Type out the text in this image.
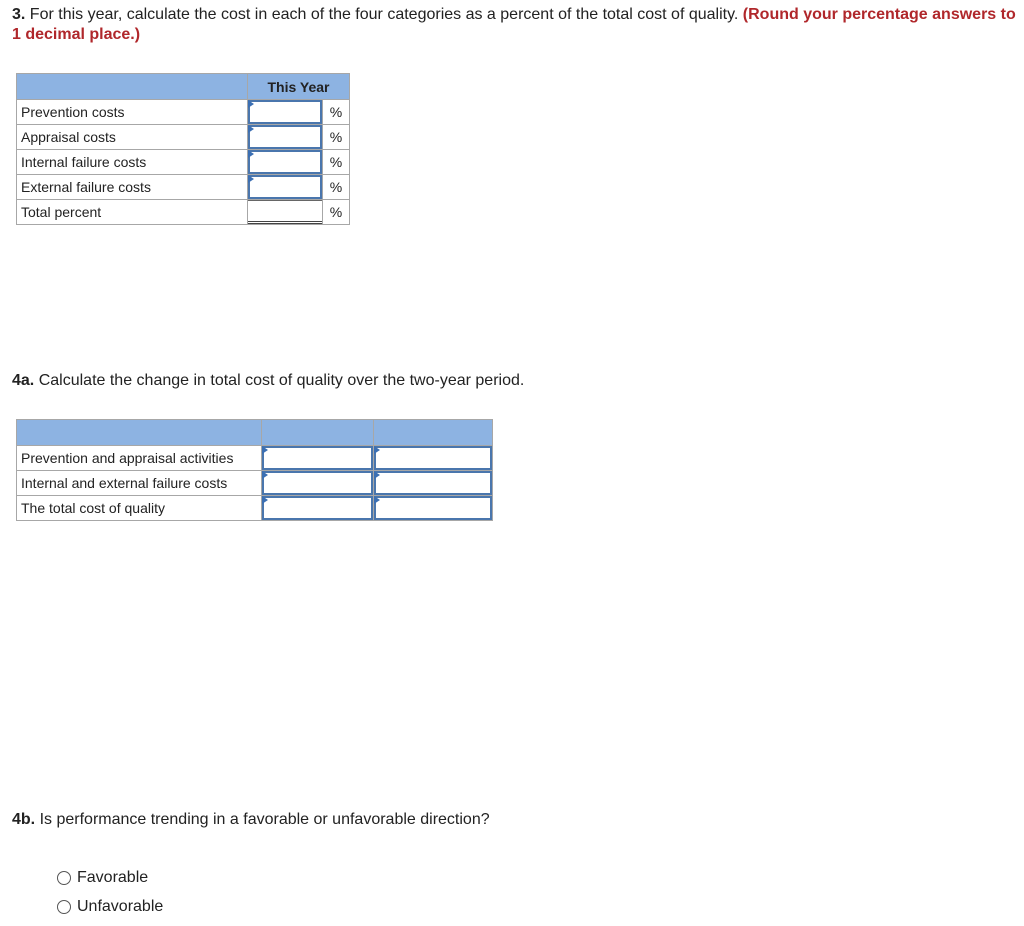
3. For this year, calculate the cost in each of the four categories as a percent of the total cost of quality. (Round your percentage answers to 1 decimal place.)
	This Year	
Prevention costs		%
Appraisal costs		%
Internal failure costs		%
External failure costs		%
Total percent		%
4a. Calculate the change in total cost of quality over the two-year period.

Prevention and appraisal activities	

Internal and external failure costs	

The total cost of quality	

4b. Is performance trending in a favorable or unfavorable direction?
Favorable
Unfavorable
